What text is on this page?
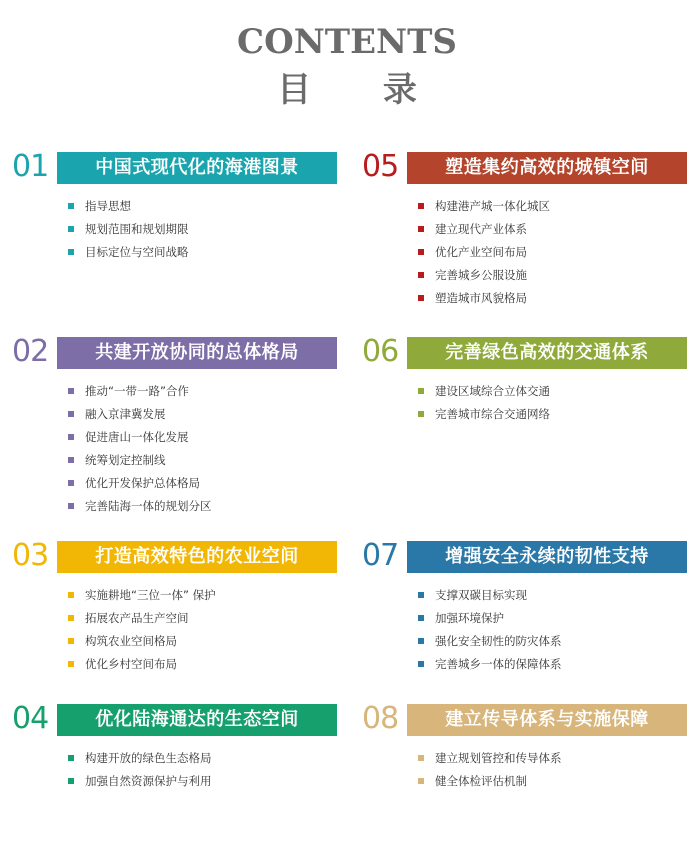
CONTENTS
目 录
01	中国式现代化的海港图景
指导思想
规划范围和规划期限
目标定位与空间战略
02	共建开放协同的总体格局
推动“一带一路”合作
融入京津冀发展
促进唐山一体化发展
统筹划定控制线
优化开发保护总体格局
完善陆海一体的规划分区
03	打造高效特色的农业空间
实施耕地“三位一体” 保护
拓展农产品生产空间
构筑农业空间格局
优化乡村空间布局
04	优化陆海通达的生态空间
构建开放的绿色生态格局
加强自然资源保护与利用
05	塑造集约高效的城镇空间
构建港产城一体化城区
建立现代产业体系
优化产业空间布局
完善城乡公服设施
塑造城市风貌格局
06	完善绿色高效的交通体系
建设区域综合立体交通
完善城市综合交通网络
07	增强安全永续的韧性支持
支撑双碳目标实现
加强环境保护
强化安全韧性的防灾体系
完善城乡一体的保障体系
08	建立传导体系与实施保障
建立规划管控和传导体系
健全体检评估机制
